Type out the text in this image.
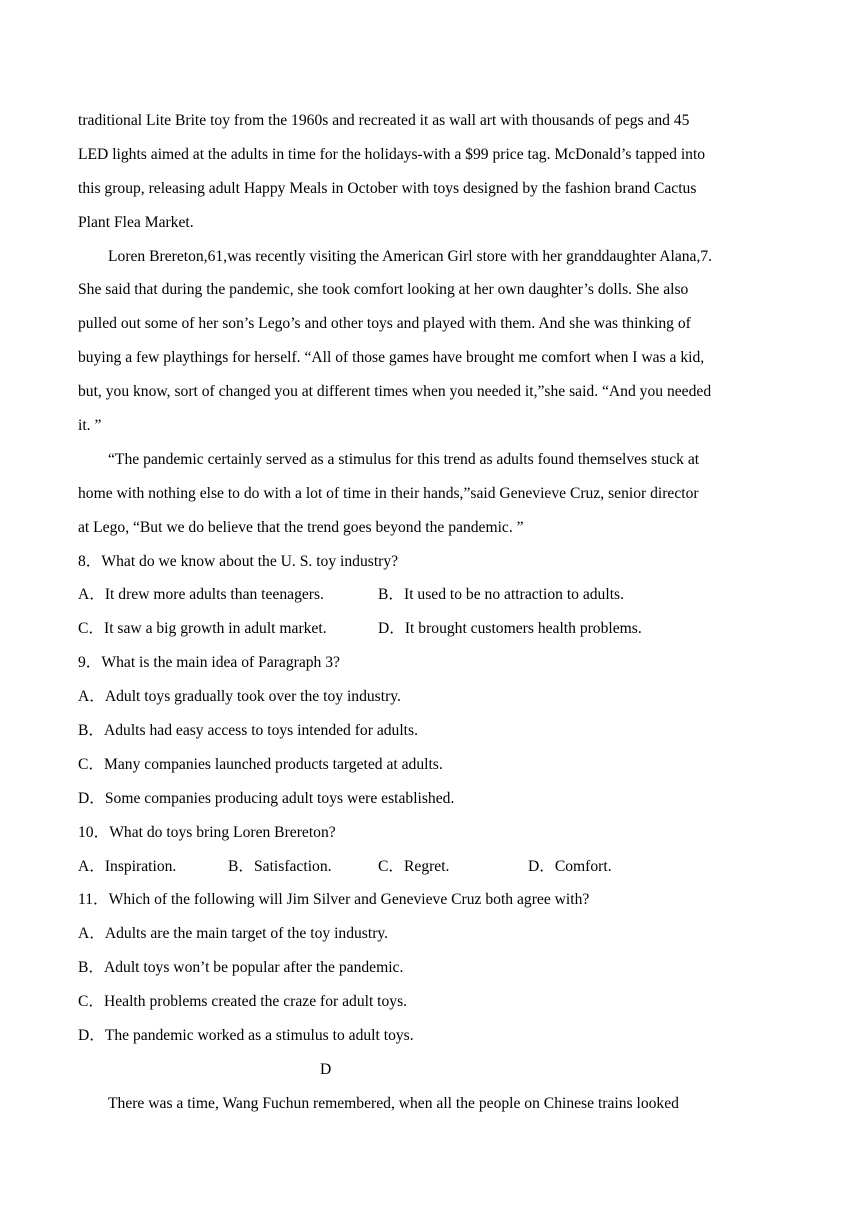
traditional Lite Brite toy from the 1960s and recreated it as wall art with thousands of pegs and 45
LED lights aimed at the adults in time for the holidays-with a $99 price tag. McDonald’s tapped into
this group, releasing adult Happy Meals in October with toys designed by the fashion brand Cactus
Plant Flea Market.
Loren Brereton,61,was recently visiting the American Girl store with her granddaughter Alana,7.
She said that during the pandemic, she took comfort looking at her own daughter’s dolls. She also
pulled out some of her son’s Lego’s and other toys and played with them. And she was thinking of
buying a few playthings for herself. “All of those games have brought me comfort when I was a kid,
but, you know, sort of changed you at different times when you needed it,”she said. “And you needed
it. ”
“The pandemic certainly served as a stimulus for this trend as adults found themselves stuck at
home with nothing else to do with a lot of time in their hands,”said Genevieve Cruz, senior director
at Lego, “But we do believe that the trend goes beyond the pandemic. ”
8．What do we know about the U. S. toy industry?
A．It drew more adults than teenagers.	B．It used to be no attraction to adults.
C．It saw a big growth in adult market.	D．It brought customers health problems.
9．What is the main idea of Paragraph 3?
A．Adult toys gradually took over the toy industry.
B．Adults had easy access to toys intended for adults.
C．Many companies launched products targeted at adults.
D．Some companies producing adult toys were established.
10．What do toys bring Loren Brereton?
A．Inspiration.	B．Satisfaction.	C．Regret.	D．Comfort.
11．Which of the following will Jim Silver and Genevieve Cruz both agree with?
A．Adults are the main target of the toy industry.
B．Adult toys won’t be popular after the pandemic.
C．Health problems created the craze for adult toys.
D．The pandemic worked as a stimulus to adult toys.
D
There was a time, Wang Fuchun remembered, when all the people on Chinese trains looked
